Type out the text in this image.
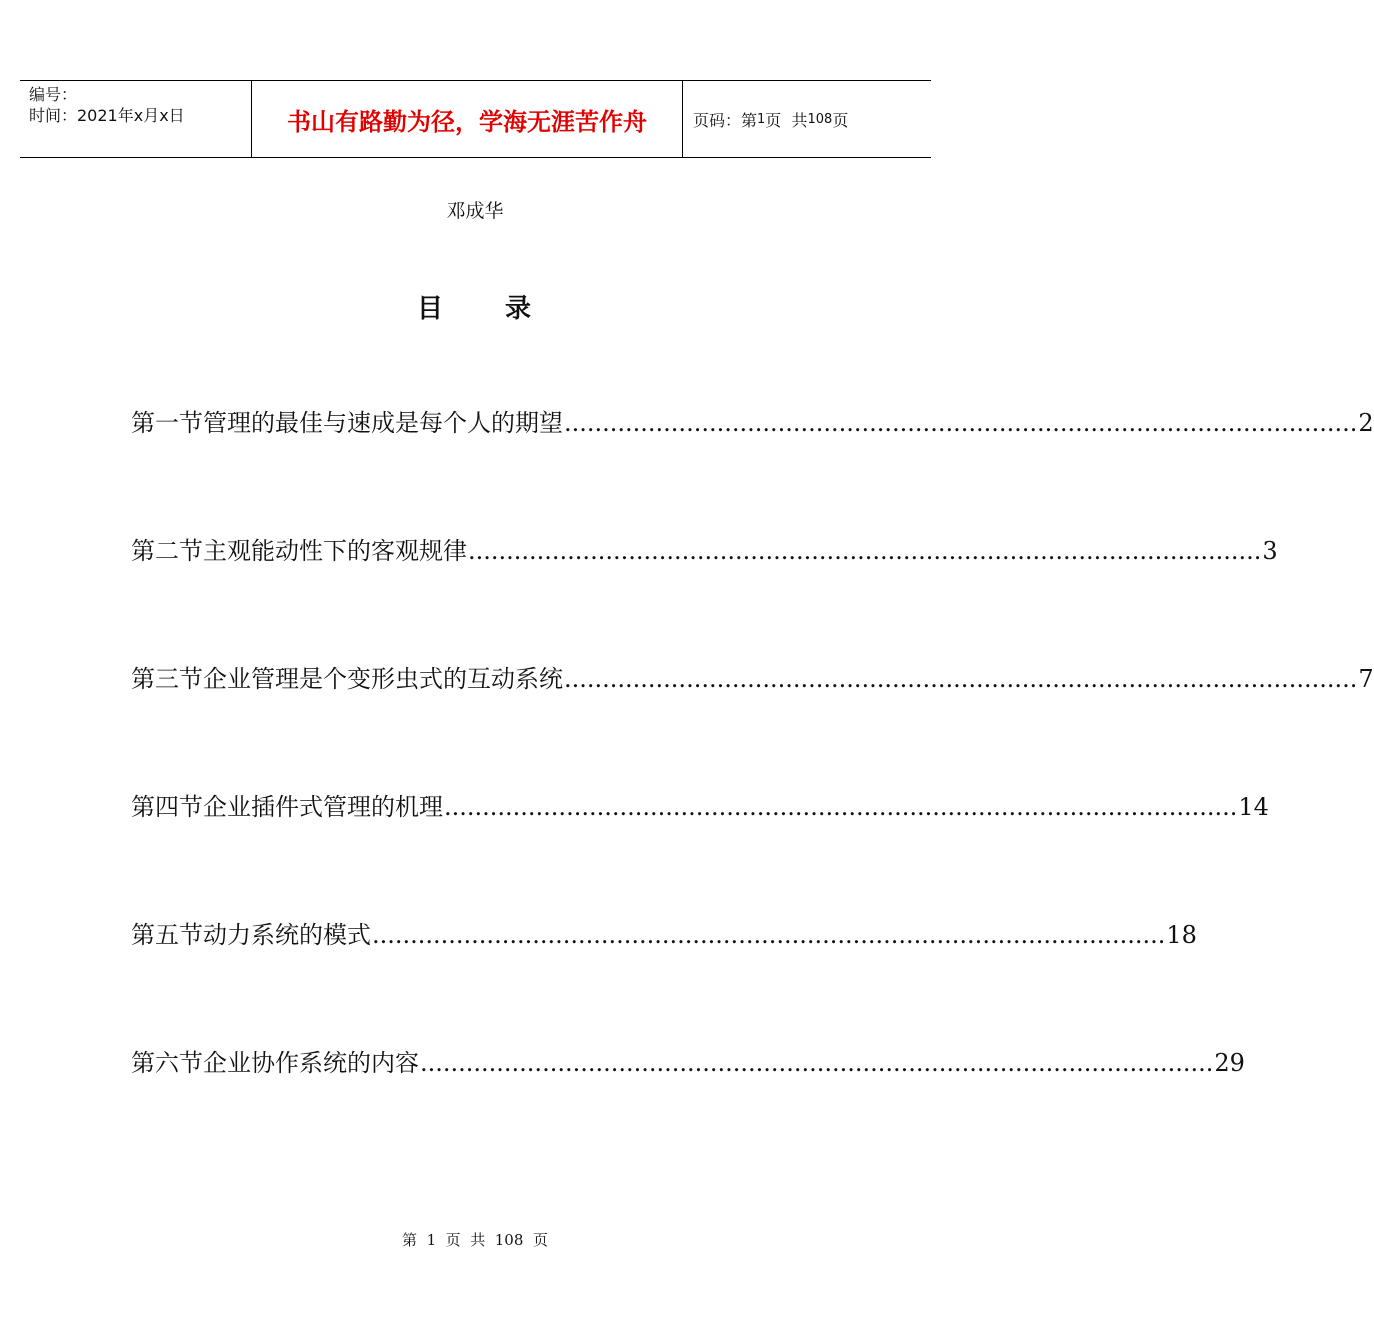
编号：
时间：2021年x月x日	书山有路勤为径，学海无涯苦作舟	页码：第 1 页  共 108 页
邓成华
目 录
第一节 管理的最佳与速成是每个人的期望 ........................................................................................................ 2
第二节 主观能动性下的客观规律 ........................................................................................................ 3
第三节 企业管理是个变形虫式的互动系统 ........................................................................................................ 7
第四节 企业插件式管理的机理 ........................................................................................................ 14
第五节 动力系统的模式 ........................................................................................................ 18
第六节 企业协作系统的内容 ........................................................................................................ 29
第 1 页  共 108 页
